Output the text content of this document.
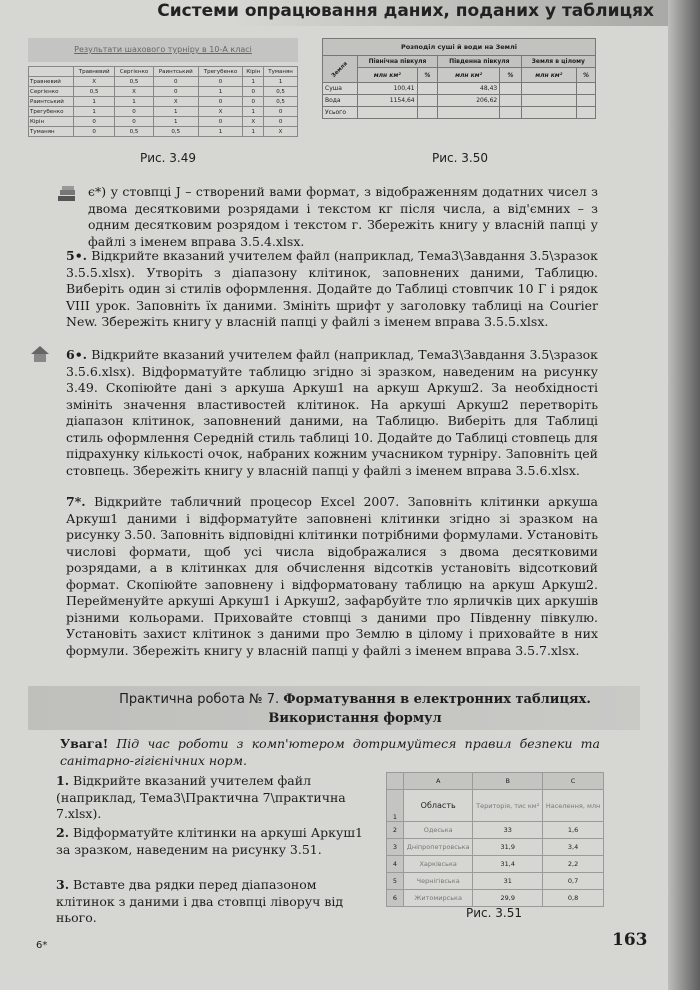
Системи опрацювання даних, поданих у таблицях
Результати шахового турніру в 10-А класі
	Травневий	Сергієнко	Раинтський	Трегубенко	Кірін	Туманян
Травневий	X	0,5	0	0	1	1
Сергієнко	0,5	X	0	1	0	0,5
Раинтський	1	1	X	0	0	0,5
Трегубенко	1	0	1	X	1	0
Кірін	0	0	1	0	X	0
Туманян	0	0,5	0,5	1	1	X
Рис. 3.49
Розподіл суші й води на Землі						
Земля	Північна півкуля		Південна півкуля		Земля в цілому	
	млн км²	%	млн км²	%	млн км²	%
Суша	100,41		48,43			
Вода	1154,64		206,62			
Усього						
Рис. 3.50
є*) у стовпці J – створений вами формат, з відображенням додатних чисел з двома десятковими розрядами і текстом кг після числа, а від'ємних – з одним десятковим розрядом і текстом г. Збережіть книгу у власній папці у файлі з іменем вправа 3.5.4.xlsx.
5•. Відкрийте вказаний учителем файл (наприклад, Тема3\Завдання 3.5\зразок 3.5.5.xlsx). Утворіть з діапазону клітинок, заповнених даними, Таблицю. Виберіть один зі стилів оформлення. Додайте до Таблиці стовпчик 10 Г і рядок VIII урок. Заповніть їх даними. Змініть шрифт у заголовку таблиці на Courier New. Збережіть книгу у власній папці у файлі з іменем вправа 3.5.5.xlsx.
6•. Відкрийте вказаний учителем файл (наприклад, Тема3\Завдання 3.5\зразок 3.5.6.xlsx). Відформатуйте таблицю згідно зі зразком, наведеним на рисунку 3.49. Скопіюйте дані з аркуша Аркуш1 на аркуш Аркуш2. За необхідності змініть значення властивостей клітинок. На аркуші Аркуш2 перетворіть діапазон клітинок, заповнений даними, на Таблицю. Виберіть для Таблиці стиль оформлення Середній стиль таблиці 10. Додайте до Таблиці стовпець для підрахунку кількості очок, набраних кожним учасником турніру. Заповніть цей стовпець. Збережіть книгу у власній папці у файлі з іменем вправа 3.5.6.xlsx.
7*. Відкрийте табличний процесор Excel 2007. Заповніть клітинки аркуша Аркуш1 даними і відформатуйте заповнені клітинки згідно зі зразком на рисунку 3.50. Заповніть відповідні клітинки потрібними формулами. Установіть числові формати, щоб усі числа відображалися з двома десятковими розрядами, а в клітинках для обчислення відсотків установіть відсотковий формат. Скопіюйте заповнену і відформатовану таблицю на аркуш Аркуш2. Перейменуйте аркуші Аркуш1 і Аркуш2, зафарбуйте тло ярличків цих аркушів різними кольорами. Приховайте стовпці з даними про Південну півкулю. Установіть захист клітинок з даними про Землю в цілому і приховайте в них формули. Збережіть книгу у власній папці у файлі з іменем вправа 3.5.7.xlsx.
Практична робота № 7. Форматування в електронних таблицях.
Використання формул
Увага! Під час роботи з комп'ютером дотримуйтеся правил безпеки та санітарно-гігієнічних норм.
1. Відкрийте вказаний учителем файл (наприклад, Тема3\Практична 7\практична 7.xlsx).
2. Відформатуйте клітинки на аркуші Аркуш1 за зразком, наведеним на рисунку 3.51.
3. Вставте два рядки перед діапазоном клітинок з даними і два стовпці ліворуч від нього.
	A	B	C
1	Область	Територія, тис км²	Населення, млн
2	Одеська	33	1,6
3	Дніпропетровська	31,9	3,4
4	Харківська	31,4	2,2
5	Чернігівська	31	0,7
6	Житомирська	29,9	0,8
Рис. 3.51
6*	163
